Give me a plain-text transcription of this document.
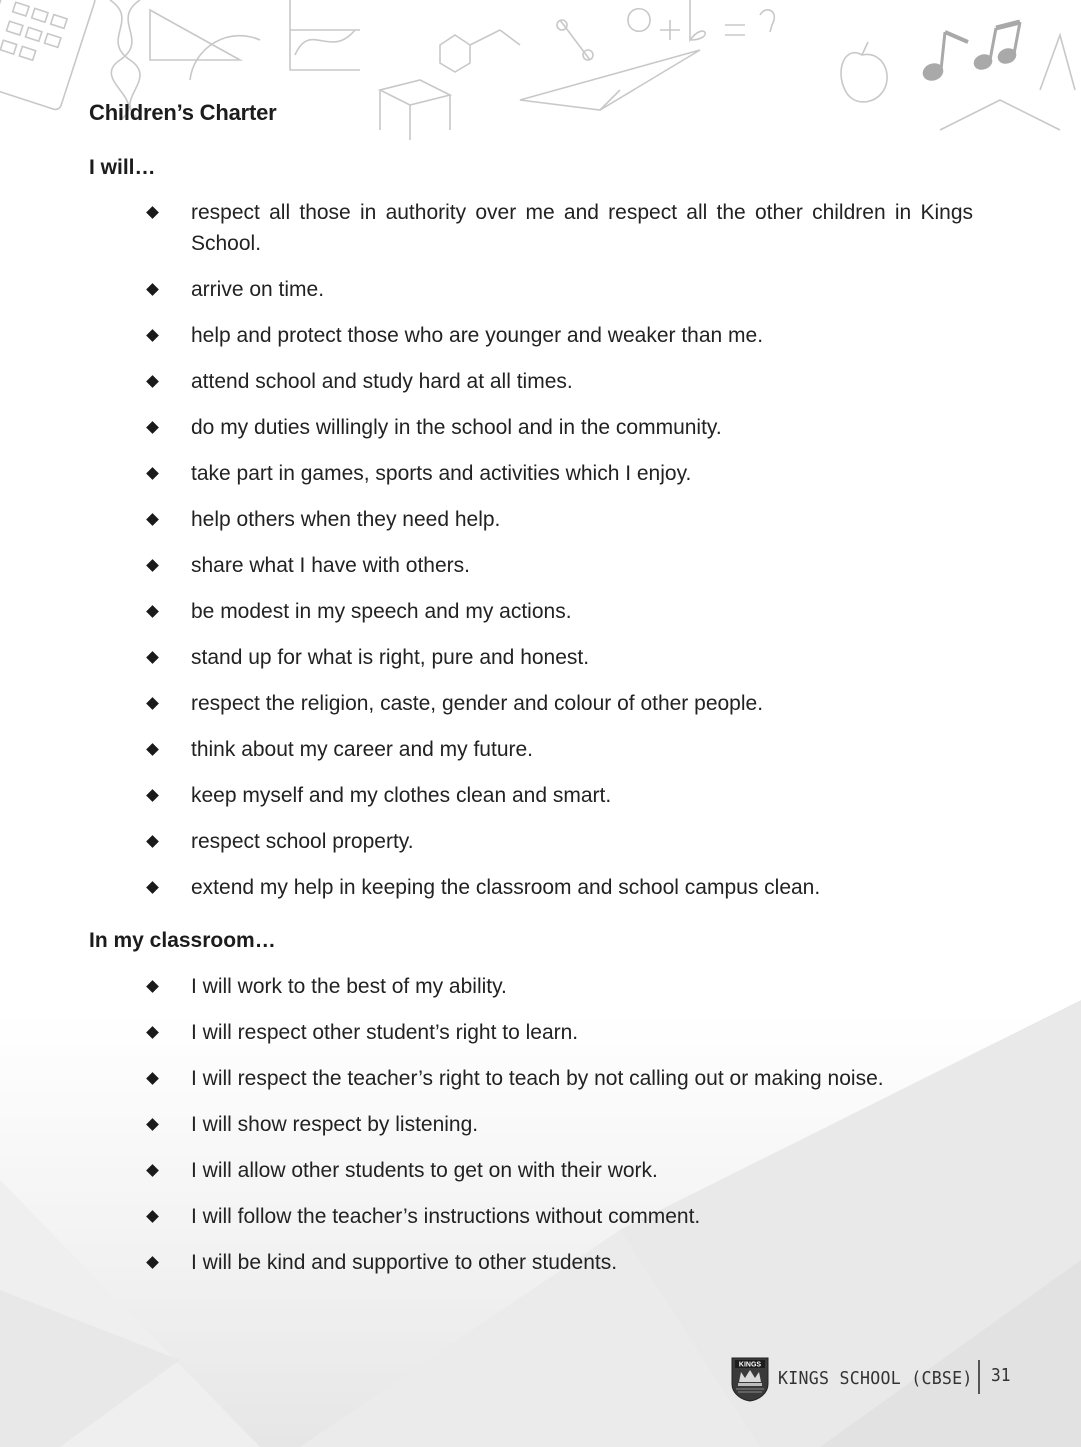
Children’s Charter
I will…
respect all those in authority over me and respect all the other children in Kings School.
arrive on time.
help and protect those who are younger and weaker than me.
attend school and study hard at all times.
do my duties willingly in the school and in the community.
take part in games, sports and activities which I enjoy.
help others when they need help.
share what I have with others.
be modest in my speech and my actions.
stand up for what is right, pure and honest.
respect the religion, caste, gender and colour of other people.
think about my career and my future.
keep myself and my clothes clean and smart.
respect school property.
extend my help in keeping the classroom and school campus clean.
In my classroom…
I will work to the best of my ability.
I will respect other student’s right to learn.
I will respect the teacher’s right to teach by not calling out or making noise.
I will show respect by listening.
I will allow other students to get on with their work.
I will follow the teacher’s instructions without comment.
I will be kind and supportive to other students.
KINGS
KINGS SCHOOL (CBSE) 31
